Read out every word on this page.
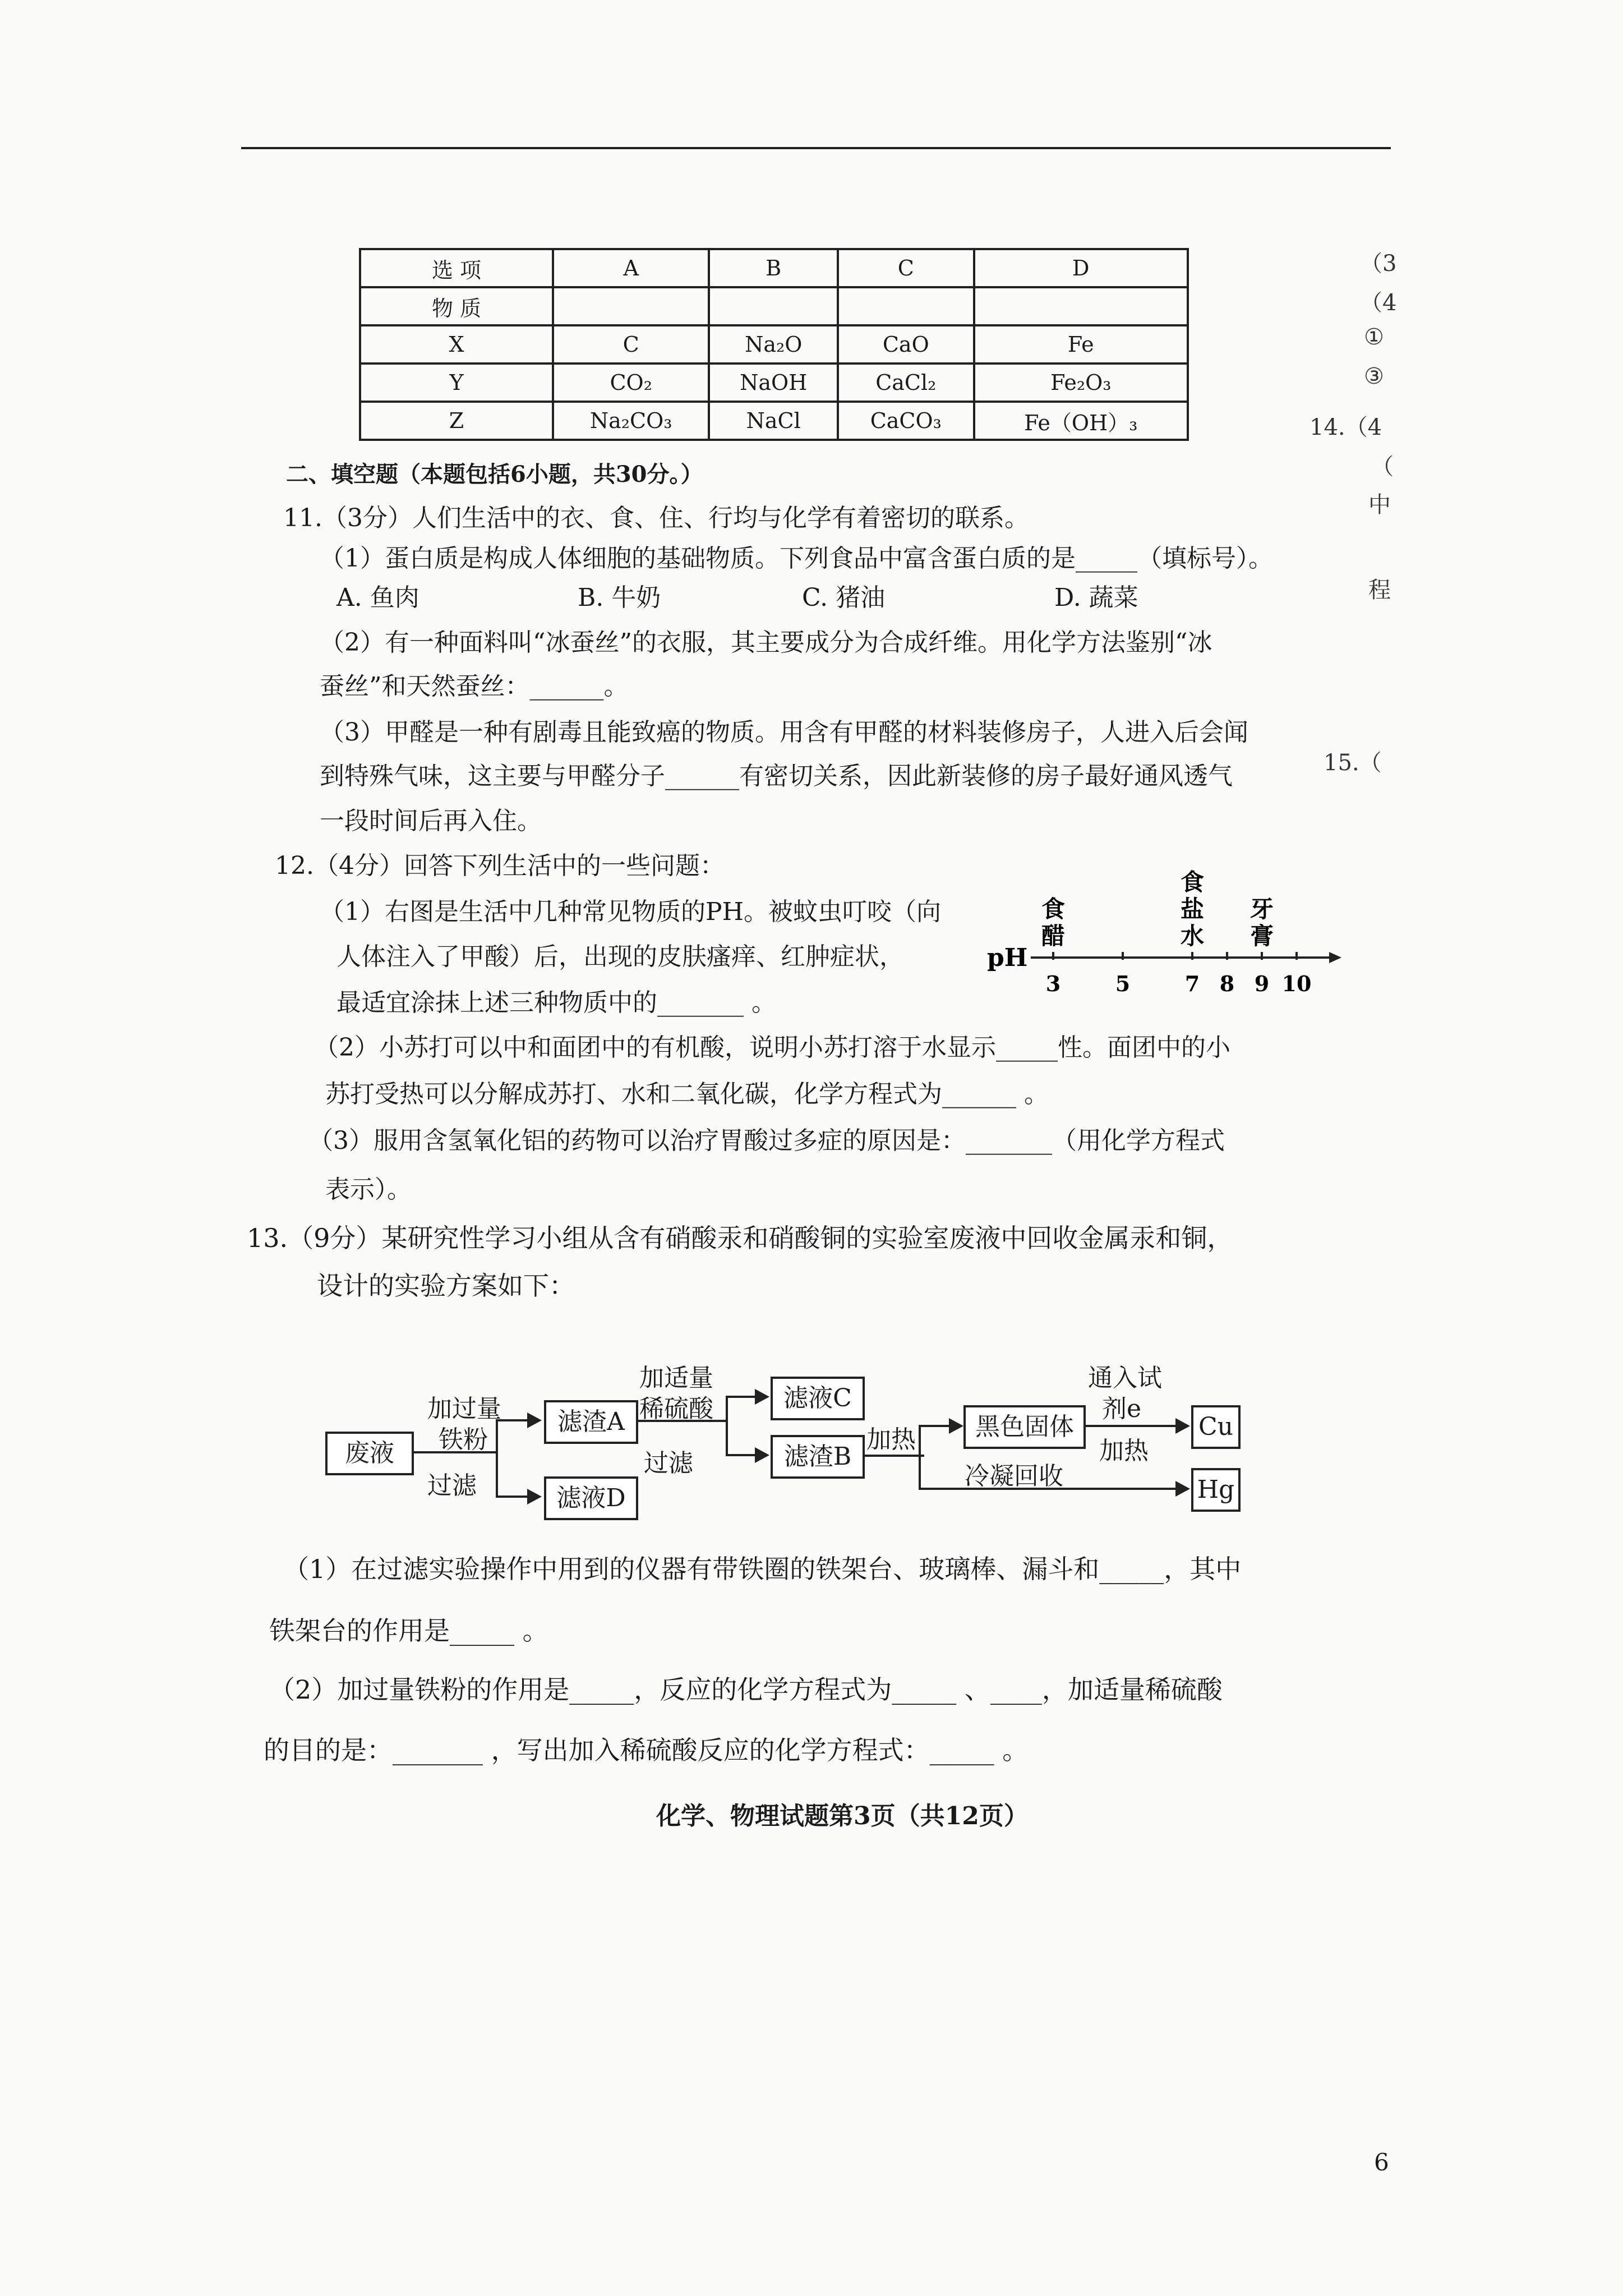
选 项	A	B	C	D
物 质				
X	C	Na₂O	CaO	Fe
Y	CO₂	NaOH	CaCl₂	Fe₂O₃
Z	Na₂CO₃	NaCl	CaCO₃	Fe（OH）₃
（3
（4
①
③
14.（4
（
中
程
15.（
二、填空题（本题包括6小题，共30分。）
11.（3分）人们生活中的衣、食、住、行均与化学有着密切的联系。
（1）蛋白质是构成人体细胞的基础物质。下列食品中富含蛋白质的是_____（填标号）。
A. 鱼肉	B. 牛奶	C. 猪油	D. 蔬菜
（2）有一种面料叫“冰蚕丝”的衣服，其主要成分为合成纤维。用化学方法鉴别“冰
蚕丝”和天然蚕丝：______。
（3）甲醛是一种有剧毒且能致癌的物质。用含有甲醛的材料装修房子，人进入后会闻
到特殊气味，这主要与甲醛分子______有密切关系，因此新装修的房子最好通风透气
一段时间后再入住。
12.（4分）回答下列生活中的一些问题：
（1）右图是生活中几种常见物质的PH。被蚊虫叮咬（向
人体注入了甲酸）后，出现的皮肤瘙痒、红肿症状，
最适宜涂抹上述三种物质中的_______ 。
（2）小苏打可以中和面团中的有机酸，说明小苏打溶于水显示_____性。面团中的小
苏打受热可以分解成苏打、水和二氧化碳，化学方程式为______ 。
（3）服用含氢氧化铝的药物可以治疗胃酸过多症的原因是：_______（用化学方程式
表示）。
pH
3	5	7 8 9 10
食醋
食盐水
牙膏
13.（9分）某研究性学习小组从含有硝酸汞和硝酸铜的实验室废液中回收金属汞和铜，
设计的实验方案如下：
废液
加过量
铁粉
过滤
滤渣A
滤液D
加适量
稀硫酸
过滤
滤液C
滤渣B
加热	黑色固体
通入试
剂e
加热
冷凝回收
Cu
Hg
（1）在过滤实验操作中用到的仪器有带铁圈的铁架台、玻璃棒、漏斗和_____，其中
铁架台的作用是_____ 。
（2）加过量铁粉的作用是_____，反应的化学方程式为_____ 、____，加适量稀硫酸
的目的是：_______ ，写出加入稀硫酸反应的化学方程式：_____ 。
化学、物理试题第3页（共12页）
6
